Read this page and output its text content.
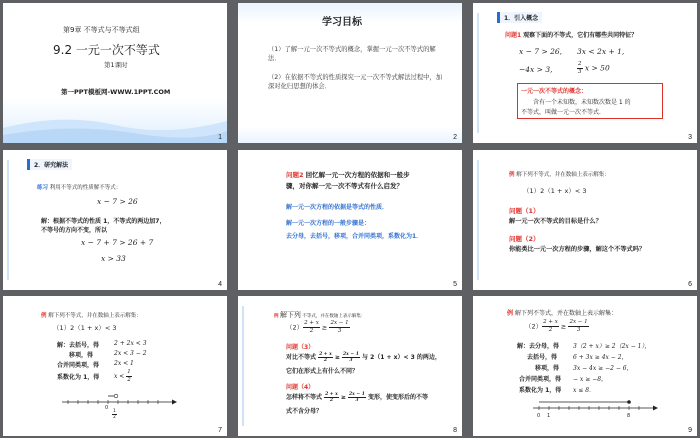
第9章 不等式与不等式组
9.2 一元一次不等式
第1课时
第一PPT模板网-WWW.1PPT.COM
1
学习目标
（1）了解一元一次不等式的概念，掌握一元一次不等式的解法．
（2）在依据不等式的性质探究一元一次不等式解法过程中，加深对化归思想的体会．
2
1．引入概念
问题1 观察下面的不等式，它们有哪些共同特征？
x − 7 > 26, 3x < 2x + 1,
−4x > 3,	$\frac{2}{3}$ x > 50
一元一次不等式的概念：
含有一个未知数，未知数次数是 1 的
不等式，叫做一元一次不等式．
3
2．研究解法
练习 利用不等式的性质解不等式：
x − 7 > 26
解：根据不等式的性质 1，不等式的两边加7，
不等号的方向不变，所以
x − 7 + 7 > 26 + 7
x > 33
4
问题2 回忆解一元一次方程的依据和一般步
骤，对你解一元一次不等式有什么启发？
解一元一次方程的依据是等式的性质．
解一元一次方程的一般步骤是：
去分母，去括号，移项，合并同类项，系数化为1．
5
例 解下列不等式，并在数轴上表示解集：
（1）2（1 + x）< 3
问题（1）
解一元一次不等式的目标是什么？
问题（2）
你能类比一元一次方程的步骤，解这个不等式吗？
6
例 解下列不等式，并在数轴上表示解集：
（1）2（1 + x）< 3
解：去括号，得 2 + 2x < 3
移项，得	2x < 3 − 2
合并同类项，得 2x < 1
系数化为 1，得 $x < \frac{1}{2}$
0
$\frac{1}{2}$
7
例 解下列 不等式，并在数轴上表示解集：
$(2) \frac{2 + x}{2} \ge \frac{2x - 1}{3}$
问题（3）
对比不等式 $\frac{2 + x}{2} \ge \frac{2x - 1}{3}$ 与 2（1 + x）< 3 的两边，
它们在形式上有什么不同？
问题（4）
怎样将不等式 $\frac{2 + x}{2} \ge \frac{2x - 1}{3}$ 变形，使变形后的不等
式不含分母？
8
例 解下列不等式，并在数轴上表示解集：
$(2) \frac{2 + x}{2} \ge \frac{2x - 1}{3}$
解：去分母，得 3（2 + x）≥ 2（2x − 1），
去括号，得	6 + 3x ≥ 4x − 2，
移项，得 3x − 4x ≥ −2 − 6，
合并同类项，得 − x ≥ −8，
系数化为 1，得 x ≤ 8．
0 1	8
9
